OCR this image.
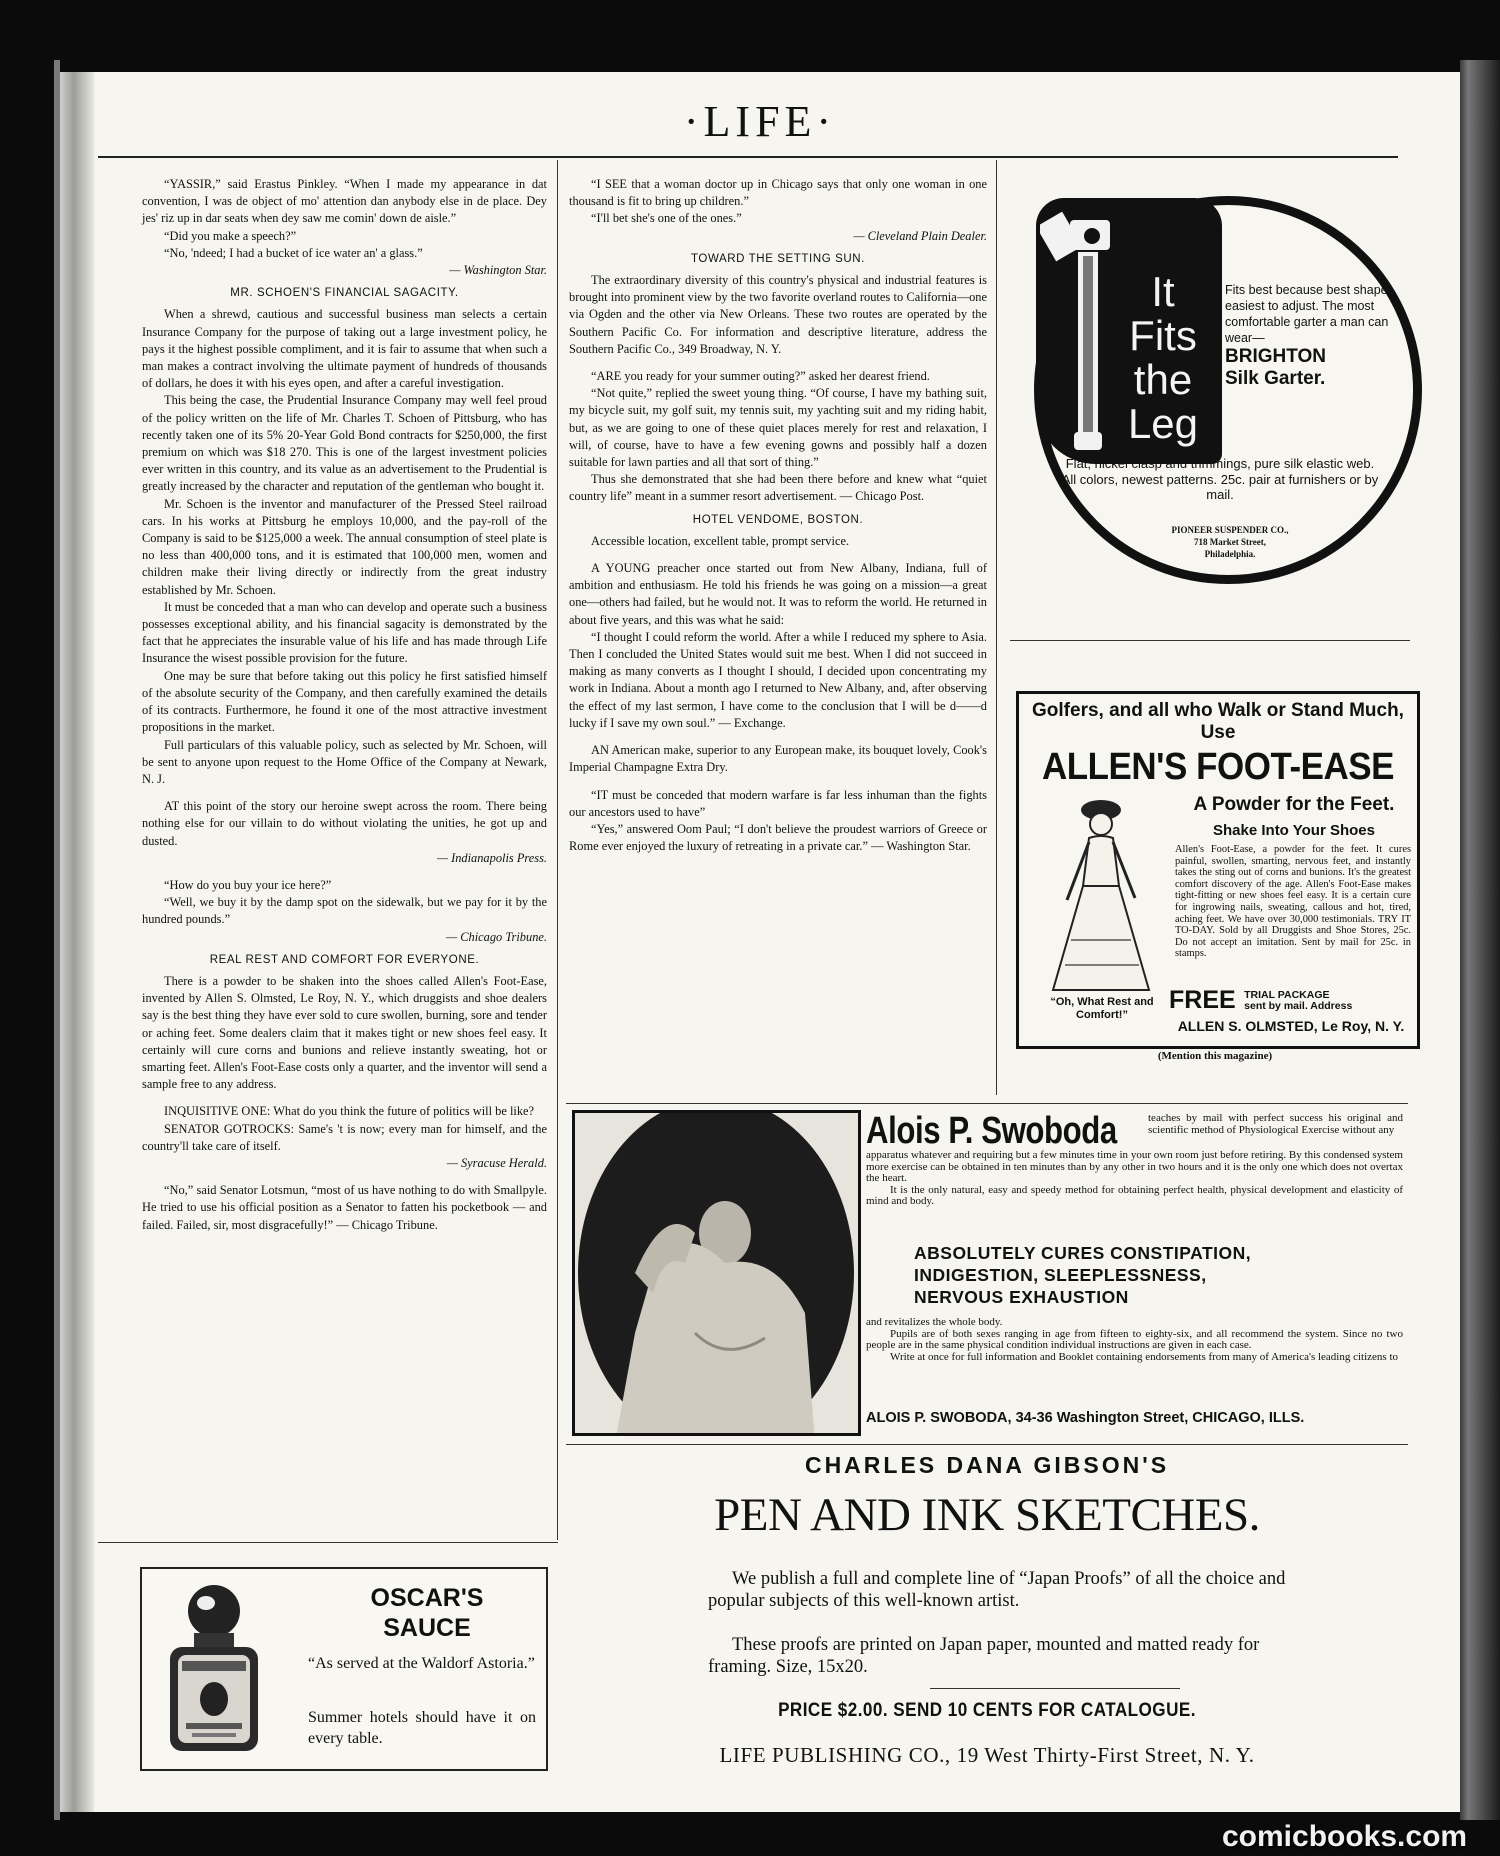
·LIFE·

“YASSIR,” said Erastus Pinkley. “When I made my appearance in dat convention, I was de object of mo' attention dan anybody else in de place. Dey jes' riz up in dar seats when dey saw me comin' down de aisle.”

“Did you make a speech?”

“No, 'ndeed; I had a bucket of ice water an' a glass.”

— Washington Star.

MR. SCHOEN'S FINANCIAL SAGACITY.

When a shrewd, cautious and successful business man selects a certain Insurance Company for the purpose of taking out a large investment policy, he pays it the highest possible compliment, and it is fair to assume that when such a man makes a contract involving the ultimate payment of hundreds of thousands of dollars, he does it with his eyes open, and after a careful investigation.

This being the case, the Prudential Insurance Company may well feel proud of the policy written on the life of Mr. Charles T. Schoen of Pittsburg, who has recently taken one of its 5% 20-Year Gold Bond contracts for $250,000, the first premium on which was $18 270. This is one of the largest investment policies ever written in this country, and its value as an advertisement to the Prudential is greatly increased by the character and reputation of the gentleman who bought it.

Mr. Schoen is the inventor and manufacturer of the Pressed Steel railroad cars. In his works at Pittsburg he employs 10,000, and the pay-roll of the Company is said to be $125,000 a week. The annual consumption of steel plate is no less than 400,000 tons, and it is estimated that 100,000 men, women and children make their living directly or indirectly from the great industry established by Mr. Schoen.

It must be conceded that a man who can develop and operate such a business possesses exceptional ability, and his financial sagacity is demonstrated by the fact that he appreciates the insurable value of his life and has made through Life Insurance the wisest possible provision for the future.

One may be sure that before taking out this policy he first satisfied himself of the absolute security of the Company, and then carefully examined the details of its contracts. Furthermore, he found it one of the most attractive investment propositions in the market.

Full particulars of this valuable policy, such as selected by Mr. Schoen, will be sent to anyone upon request to the Home Office of the Company at Newark, N. J.

AT this point of the story our heroine swept across the room. There being nothing else for our villain to do without violating the unities, he got up and dusted.

— Indianapolis Press.

“How do you buy your ice here?”

“Well, we buy it by the damp spot on the sidewalk, but we pay for it by the hundred pounds.”

— Chicago Tribune.

REAL REST AND COMFORT FOR EVERYONE.

There is a powder to be shaken into the shoes called Allen's Foot-Ease, invented by Allen S. Olmsted, Le Roy, N. Y., which druggists and shoe dealers say is the best thing they have ever sold to cure swollen, burning, sore and tender or aching feet. Some dealers claim that it makes tight or new shoes feel easy. It certainly will cure corns and bunions and relieve instantly sweating, hot or smarting feet. Allen's Foot-Ease costs only a quarter, and the inventor will send a sample free to any address.

INQUISITIVE ONE: What do you think the future of politics will be like?

SENATOR GOTROCKS: Same's 't is now; every man for himself, and the country'll take care of itself.

— Syracuse Herald.

“No,” said Senator Lotsmun, “most of us have nothing to do with Smallpyle. He tried to use his official position as a Senator to fatten his pocketbook — and failed. Failed, sir, most disgracefully!” — Chicago Tribune.

“I SEE that a woman doctor up in Chicago says that only one woman in one thousand is fit to bring up children.”

“I'll bet she's one of the ones.”

— Cleveland Plain Dealer.

TOWARD THE SETTING SUN.

The extraordinary diversity of this country's physical and industrial features is brought into prominent view by the two favorite overland routes to California—one via Ogden and the other via New Orleans. These two routes are operated by the Southern Pacific Co. For information and descriptive literature, address the Southern Pacific Co., 349 Broadway, N. Y.

“ARE you ready for your summer outing?” asked her dearest friend.

“Not quite,” replied the sweet young thing. “Of course, I have my bathing suit, my bicycle suit, my golf suit, my tennis suit, my yachting suit and my riding habit, but, as we are going to one of these quiet places merely for rest and relaxation, I will, of course, have to have a few evening gowns and possibly half a dozen suitable for lawn parties and all that sort of thing.”

Thus she demonstrated that she had been there before and knew what “quiet country life” meant in a summer resort advertisement. — Chicago Post.

HOTEL VENDOME, BOSTON.

Accessible location, excellent table, prompt service.

A YOUNG preacher once started out from New Albany, Indiana, full of ambition and enthusiasm. He told his friends he was going on a mission—a great one—others had failed, but he would not. It was to reform the world. He returned in about five years, and this was what he said:

“I thought I could reform the world. After a while I reduced my sphere to Asia. Then I concluded the United States would suit me best. When I did not succeed in making as many converts as I thought I should, I decided upon concentrating my work in Indiana. About a month ago I returned to New Albany, and, after observing the effect of my last sermon, I have come to the conclusion that I will be d——d lucky if I save my own soul.” — Exchange.

AN American make, superior to any European make, its bouquet lovely, Cook's Imperial Champagne Extra Dry.

“IT must be conceded that modern warfare is far less inhuman than the fights our ancestors used to have”

“Yes,” answered Oom Paul; “I don't believe the proudest warriors of Greece or Rome ever enjoyed the luxury of retreating in a private car.” — Washington Star.

OSCAR'S
SAUCE
“As served at the Waldorf Astoria.”
Summer hotels should have it on every table.
It
Fits
the
Leg
Fits best because best shape; easiest to adjust. The most comfortable garter a man can wear—
BRIGHTON
Silk Garter.
Flat, nickel clasp and trimmings, pure silk elastic web. All colors, newest patterns. 25c. pair at furnishers or by mail.
PIONEER SUSPENDER CO.,
718 Market Street,
Philadelphia.
Golfers, and all who Walk or Stand Much, Use
ALLEN'S FOOT-EASE
A Powder for the Feet.
Shake Into Your Shoes
Allen's Foot-Ease, a powder for the feet. It cures painful, swollen, smarting, nervous feet, and instantly takes the sting out of corns and bunions. It's the greatest comfort discovery of the age. Allen's Foot-Ease makes tight-fitting or new shoes feel easy. It is a certain cure for ingrowing nails, sweating, callous and hot, tired, aching feet. We have over 30,000 testimonials. TRY IT TO-DAY. Sold by all Druggists and Shoe Stores, 25c. Do not accept an imitation. Sent by mail for 25c. in stamps.
“Oh, What Rest and Comfort!”
FREE TRIAL PACKAGE
sent by mail. Address
ALLEN S. OLMSTED, Le Roy, N. Y.
(Mention this magazine)
Alois P. Swoboda	teaches by mail with perfect success his original and scientific method of Physiological Exercise without any
apparatus whatever and requiring but a few minutes time in your own room just before retiring. By this condensed system more exercise can be obtained in ten minutes than by any other in two hours and it is the only one which does not overtax the heart.
It is the only natural, easy and speedy method for obtaining perfect health, physical development and elasticity of mind and body.
ABSOLUTELY CURES CONSTIPATION,
INDIGESTION, SLEEPLESSNESS,
NERVOUS EXHAUSTION
and revitalizes the whole body.
Pupils are of both sexes ranging in age from fifteen to eighty-six, and all recommend the system. Since no two people are in the same physical condition individual instructions are given in each case.
Write at once for full information and Booklet containing endorsements from many of America's leading citizens to
ALOIS P. SWOBODA, 34-36 Washington Street, CHICAGO, ILLS.
CHARLES DANA GIBSON'S
PEN AND INK SKETCHES.
We publish a full and complete line of “Japan Proofs” of all the choice and popular subjects of this well-known artist.
These proofs are printed on Japan paper, mounted and matted ready for framing. Size, 15x20.
PRICE $2.00. SEND 10 CENTS FOR CATALOGUE.
LIFE PUBLISHING CO., 19 West Thirty-First Street, N. Y.
comicbooks.com
